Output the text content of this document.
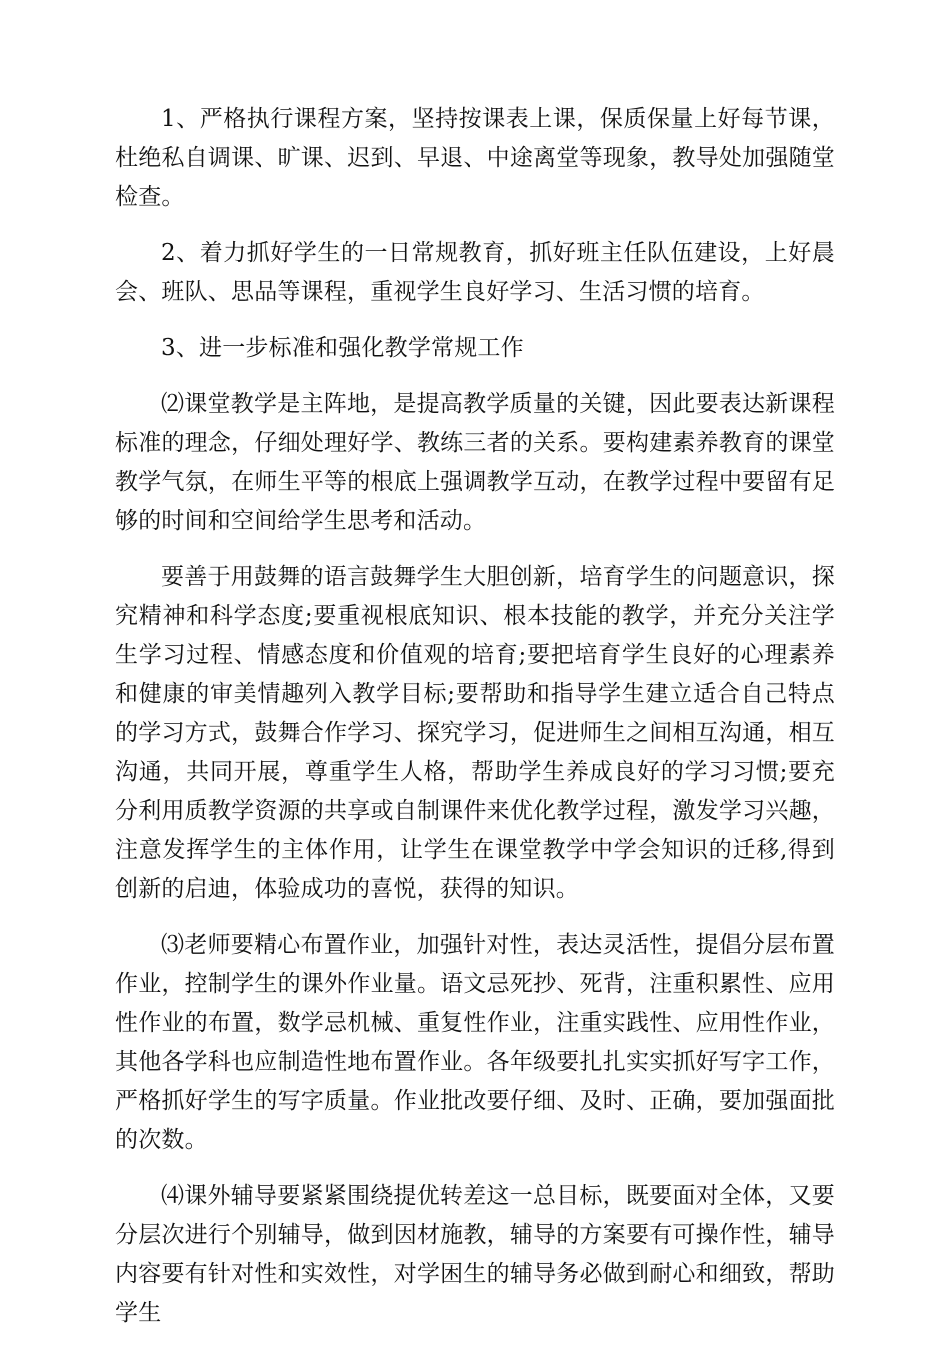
1、严格执行课程方案，坚持按课表上课，保质保量上好每节课，杜绝私自调课、旷课、迟到、早退、中途离堂等现象，教导处加强随堂检查。

2、着力抓好学生的一日常规教育，抓好班主任队伍建设，上好晨会、班队、思品等课程，重视学生良好学习、生活习惯的培育。

3、进一步标准和强化教学常规工作

⑵课堂教学是主阵地，是提高教学质量的关键，因此要表达新课程标准的理念，仔细处理好学、教练三者的关系。要构建素养教育的课堂教学气氛，在师生平等的根底上强调教学互动，在教学过程中要留有足够的时间和空间给学生思考和活动。

要善于用鼓舞的语言鼓舞学生大胆创新，培育学生的问题意识，探究精神和科学态度;要重视根底知识、根本技能的教学，并充分关注学生学习过程、情感态度和价值观的培育;要把培育学生良好的心理素养和健康的审美情趣列入教学目标;要帮助和指导学生建立适合自己特点的学习方式，鼓舞合作学习、探究学习，促进师生之间相互沟通，相互沟通，共同开展，尊重学生人格，帮助学生养成良好的学习习惯;要充分利用质教学资源的共享或自制课件来优化教学过程，激发学习兴趣，注意发挥学生的主体作用，让学生在课堂教学中学会知识的迁移,得到创新的启迪，体验成功的喜悦，获得的知识。

⑶老师要精心布置作业，加强针对性，表达灵活性，提倡分层布置作业，控制学生的课外作业量。语文忌死抄、死背，注重积累性、应用性作业的布置，数学忌机械、重复性作业，注重实践性、应用性作业，其他各学科也应制造性地布置作业。各年级要扎扎实实抓好写字工作，严格抓好学生的写字质量。作业批改要仔细、及时、正确，要加强面批的次数。

⑷课外辅导要紧紧围绕提优转差这一总目标，既要面对全体，又要分层次进行个别辅导，做到因材施教，辅导的方案要有可操作性，辅导内容要有针对性和实效性，对学困生的辅导务必做到耐心和细致，帮助学生
